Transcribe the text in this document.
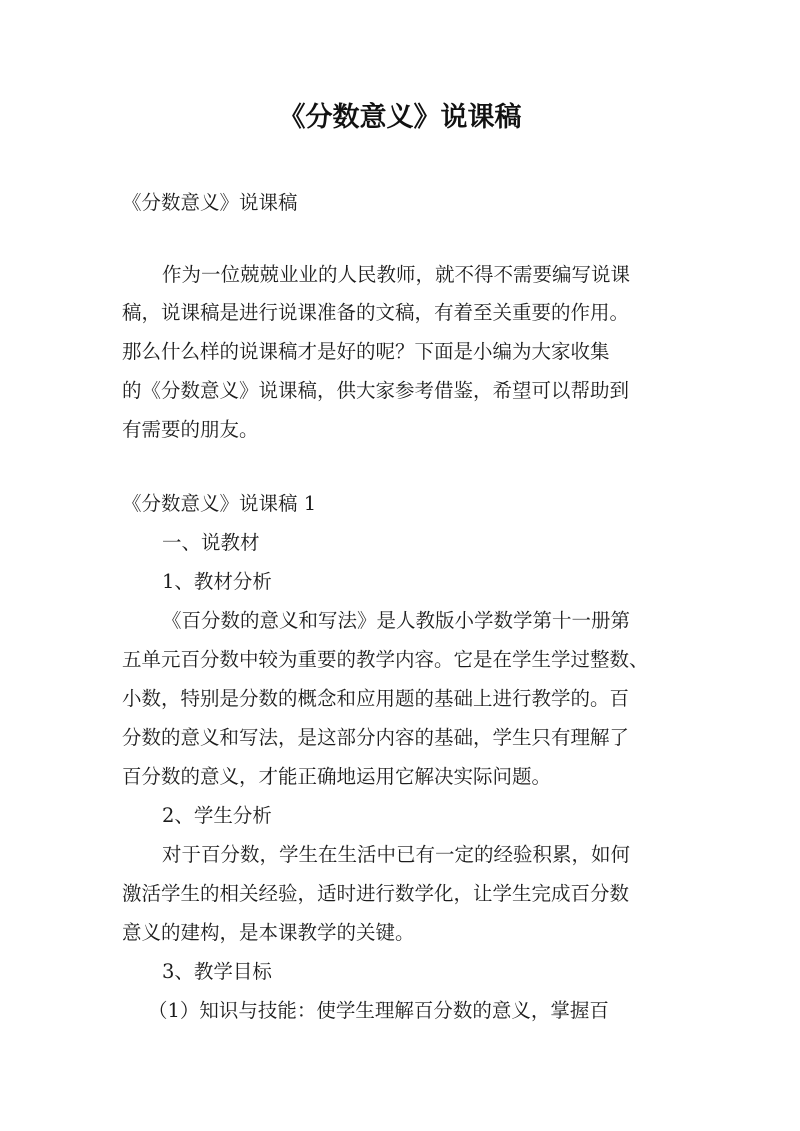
《分数意义》说课稿
《分数意义》说课稿
作为一位兢兢业业的人民教师，就不得不需要编写说课
稿，说课稿是进行说课准备的文稿，有着至关重要的作用。
那么什么样的说课稿才是好的呢？下面是小编为大家收集
的《分数意义》说课稿，供大家参考借鉴，希望可以帮助到
有需要的朋友。
《分数意义》说课稿 1
一、说教材
1、教材分析
《百分数的意义和写法》是人教版小学数学第十一册第
五单元百分数中较为重要的教学内容。它是在学生学过整数、
小数，特别是分数的概念和应用题的基础上进行教学的。百
分数的意义和写法，是这部分内容的基础，学生只有理解了
百分数的意义，才能正确地运用它解决实际问题。
2、学生分析
对于百分数，学生在生活中已有一定的经验积累，如何
激活学生的相关经验，适时进行数学化，让学生完成百分数
意义的建构，是本课教学的关键。
3、教学目标
（1）知识与技能：使学生理解百分数的意义，掌握百
